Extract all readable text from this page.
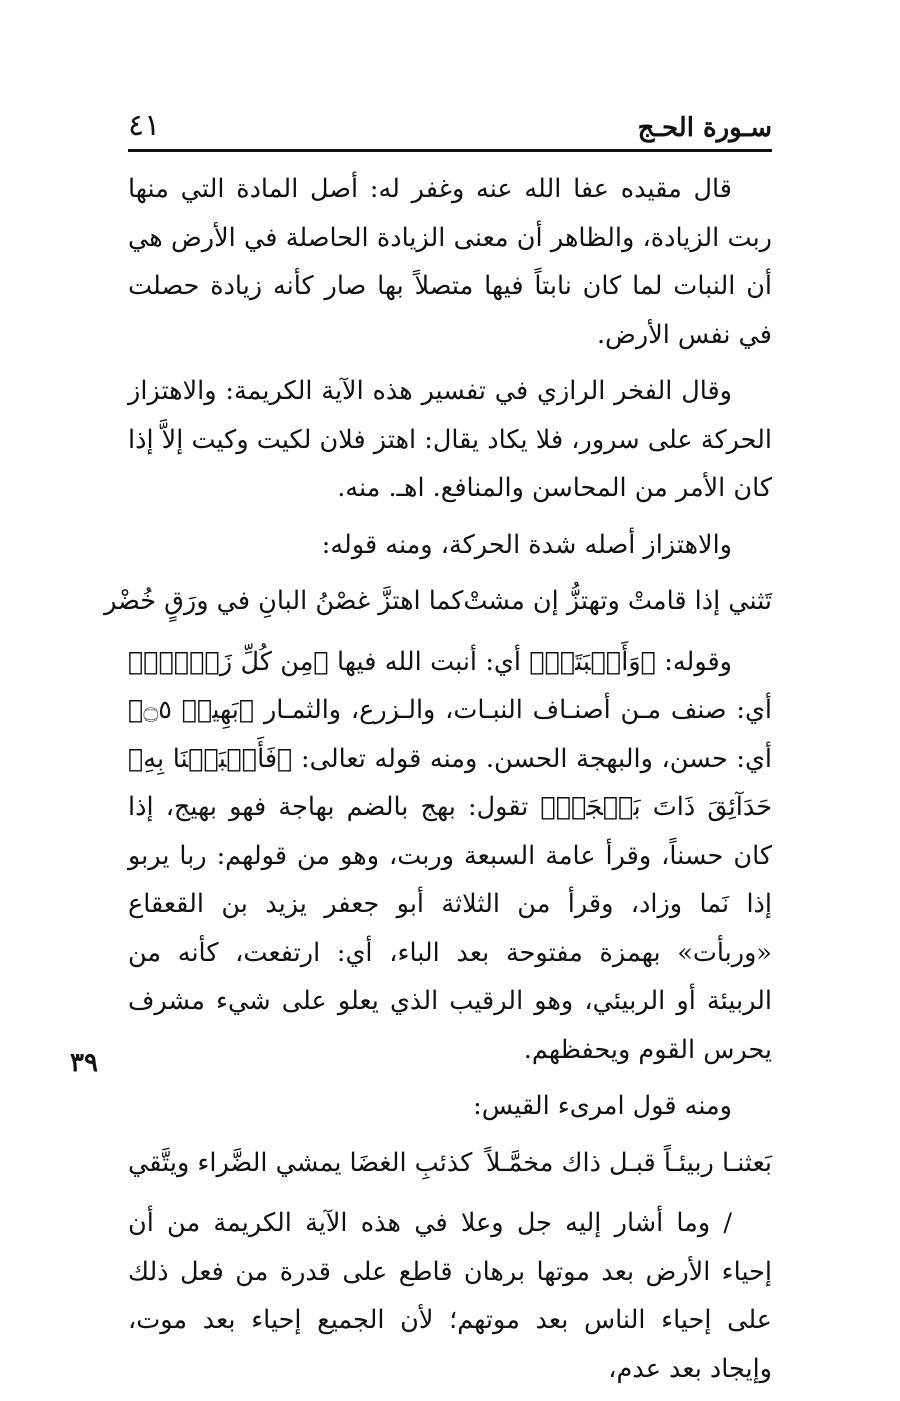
سـورة الحـج
٤١

قال مقيده عفا الله عنه وغفر له: أصل المادة التي منها ربت الزيادة، والظاهر أن معنى الزيادة الحاصلة في الأرض هي أن النبات لما كان نابتاً فيها متصلاً بها صار كأنه زيادة حصلت في نفس الأرض.

وقال الفخر الرازي في تفسير هذه الآية الكريمة: والاهتزاز الحركة على سرور، فلا يكاد يقال: اهتز فلان لكيت وكيت إلاَّ إذا كان الأمر من المحاسن والمنافع. اهـ. منه.

والاهتزاز أصله شدة الحركة، ومنه قوله:

تَثني إذا قامتْ وتهتزُّ إن مشتْ
كما اهتزَّ غصْنُ البانِ في ورَقٍ خُضْر

وقوله: ﴿وَأَنۢبَتَتۡ﴾ أي: أنبت الله فيها ﴿مِن كُلِّ زَوۡجِۭ﴾ أي: صنف مـن أصنـاف النبـات، والـزرع، والثمـار ﴿بَهِيجٖ ۝٥﴾ أي: حسن، والبهجة الحسن. ومنه قوله تعالى: ﴿فَأَنۢبَتۡنَا بِهِۦ حَدَآئِقَ ذَاتَ بَهۡجَةٖ﴾ تقول: بهج بالضم بهاجة فهو بهيج، إذا كان حسناً، وقرأ عامة السبعة وربت، وهو من قولهم: ربا يربو إذا نَما وزاد، وقرأ من الثلاثة أبو جعفر يزيد بن القعقاع «وربأت» بهمزة مفتوحة بعد الباء، أي: ارتفعت، كأنه من الربيئة أو الربيئي، وهو الرقيب الذي يعلو على شيء مشرف يحرس القوم ويحفظهم.

ومنه قول امرىء القيس:

بَعثنـا ربيئـاً قبـل ذاك مخمَّـلاً
كذئبِ الغضَا يمشي الضَّراء ويتَّقي

/ وما أشار إليه جل وعلا في هذه الآية الكريمة من أن إحياء الأرض بعد موتها برهان قاطع على قدرة من فعل ذلك على إحياء الناس بعد موتهم؛ لأن الجميع إحياء بعد موت، وإيجاد بعد عدم،

٣٩
